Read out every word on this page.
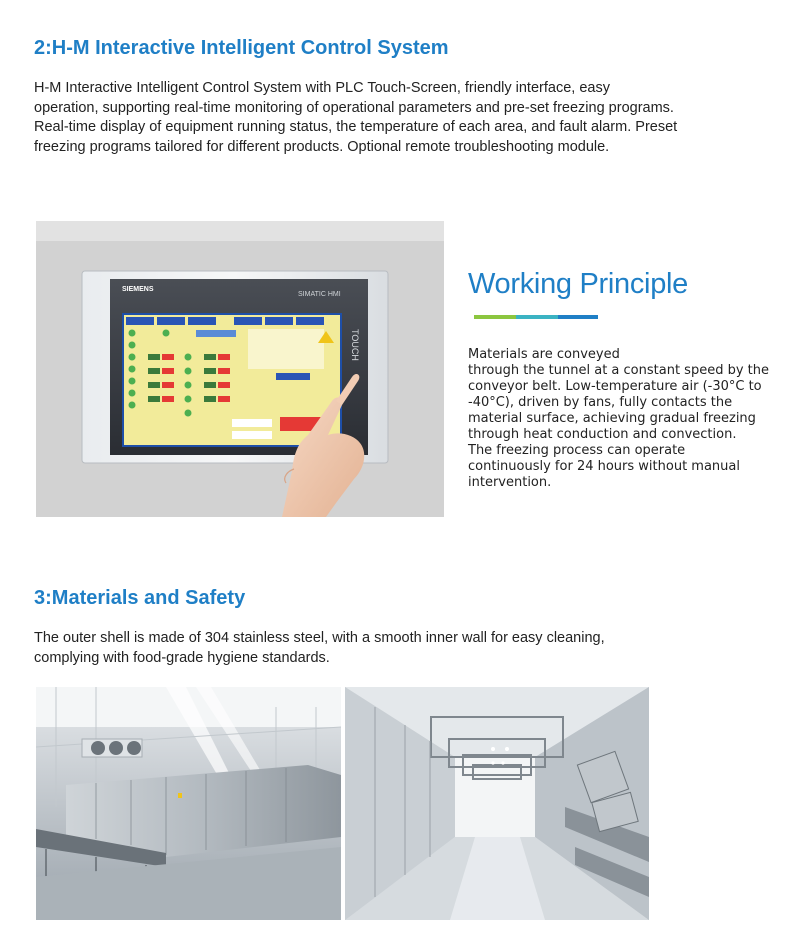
2:H-M Interactive Intelligent Control System
H-M Interactive Intelligent Control System with PLC Touch-Screen, friendly interface, easy
operation, supporting real-time monitoring of operational parameters and pre-set freezing programs.
Real-time display of equipment running status, the temperature of each area, and fault alarm. Preset
freezing programs tailored for different products. Optional remote troubleshooting module.
SIEMENS
SIMATIC HMI
TOUCH
Working Principle
Materials are conveyed
through the tunnel at a constant speed by the
conveyor belt. Low-temperature air (-30°C to
-40°C), driven by fans, fully contacts the
material surface, achieving gradual freezing
through heat conduction and convection.
The freezing process can operate
continuously for 24 hours without manual
intervention.
3:Materials and Safety
The outer shell is made of 304 stainless steel, with a smooth inner wall for easy cleaning,
complying with food-grade hygiene standards.
